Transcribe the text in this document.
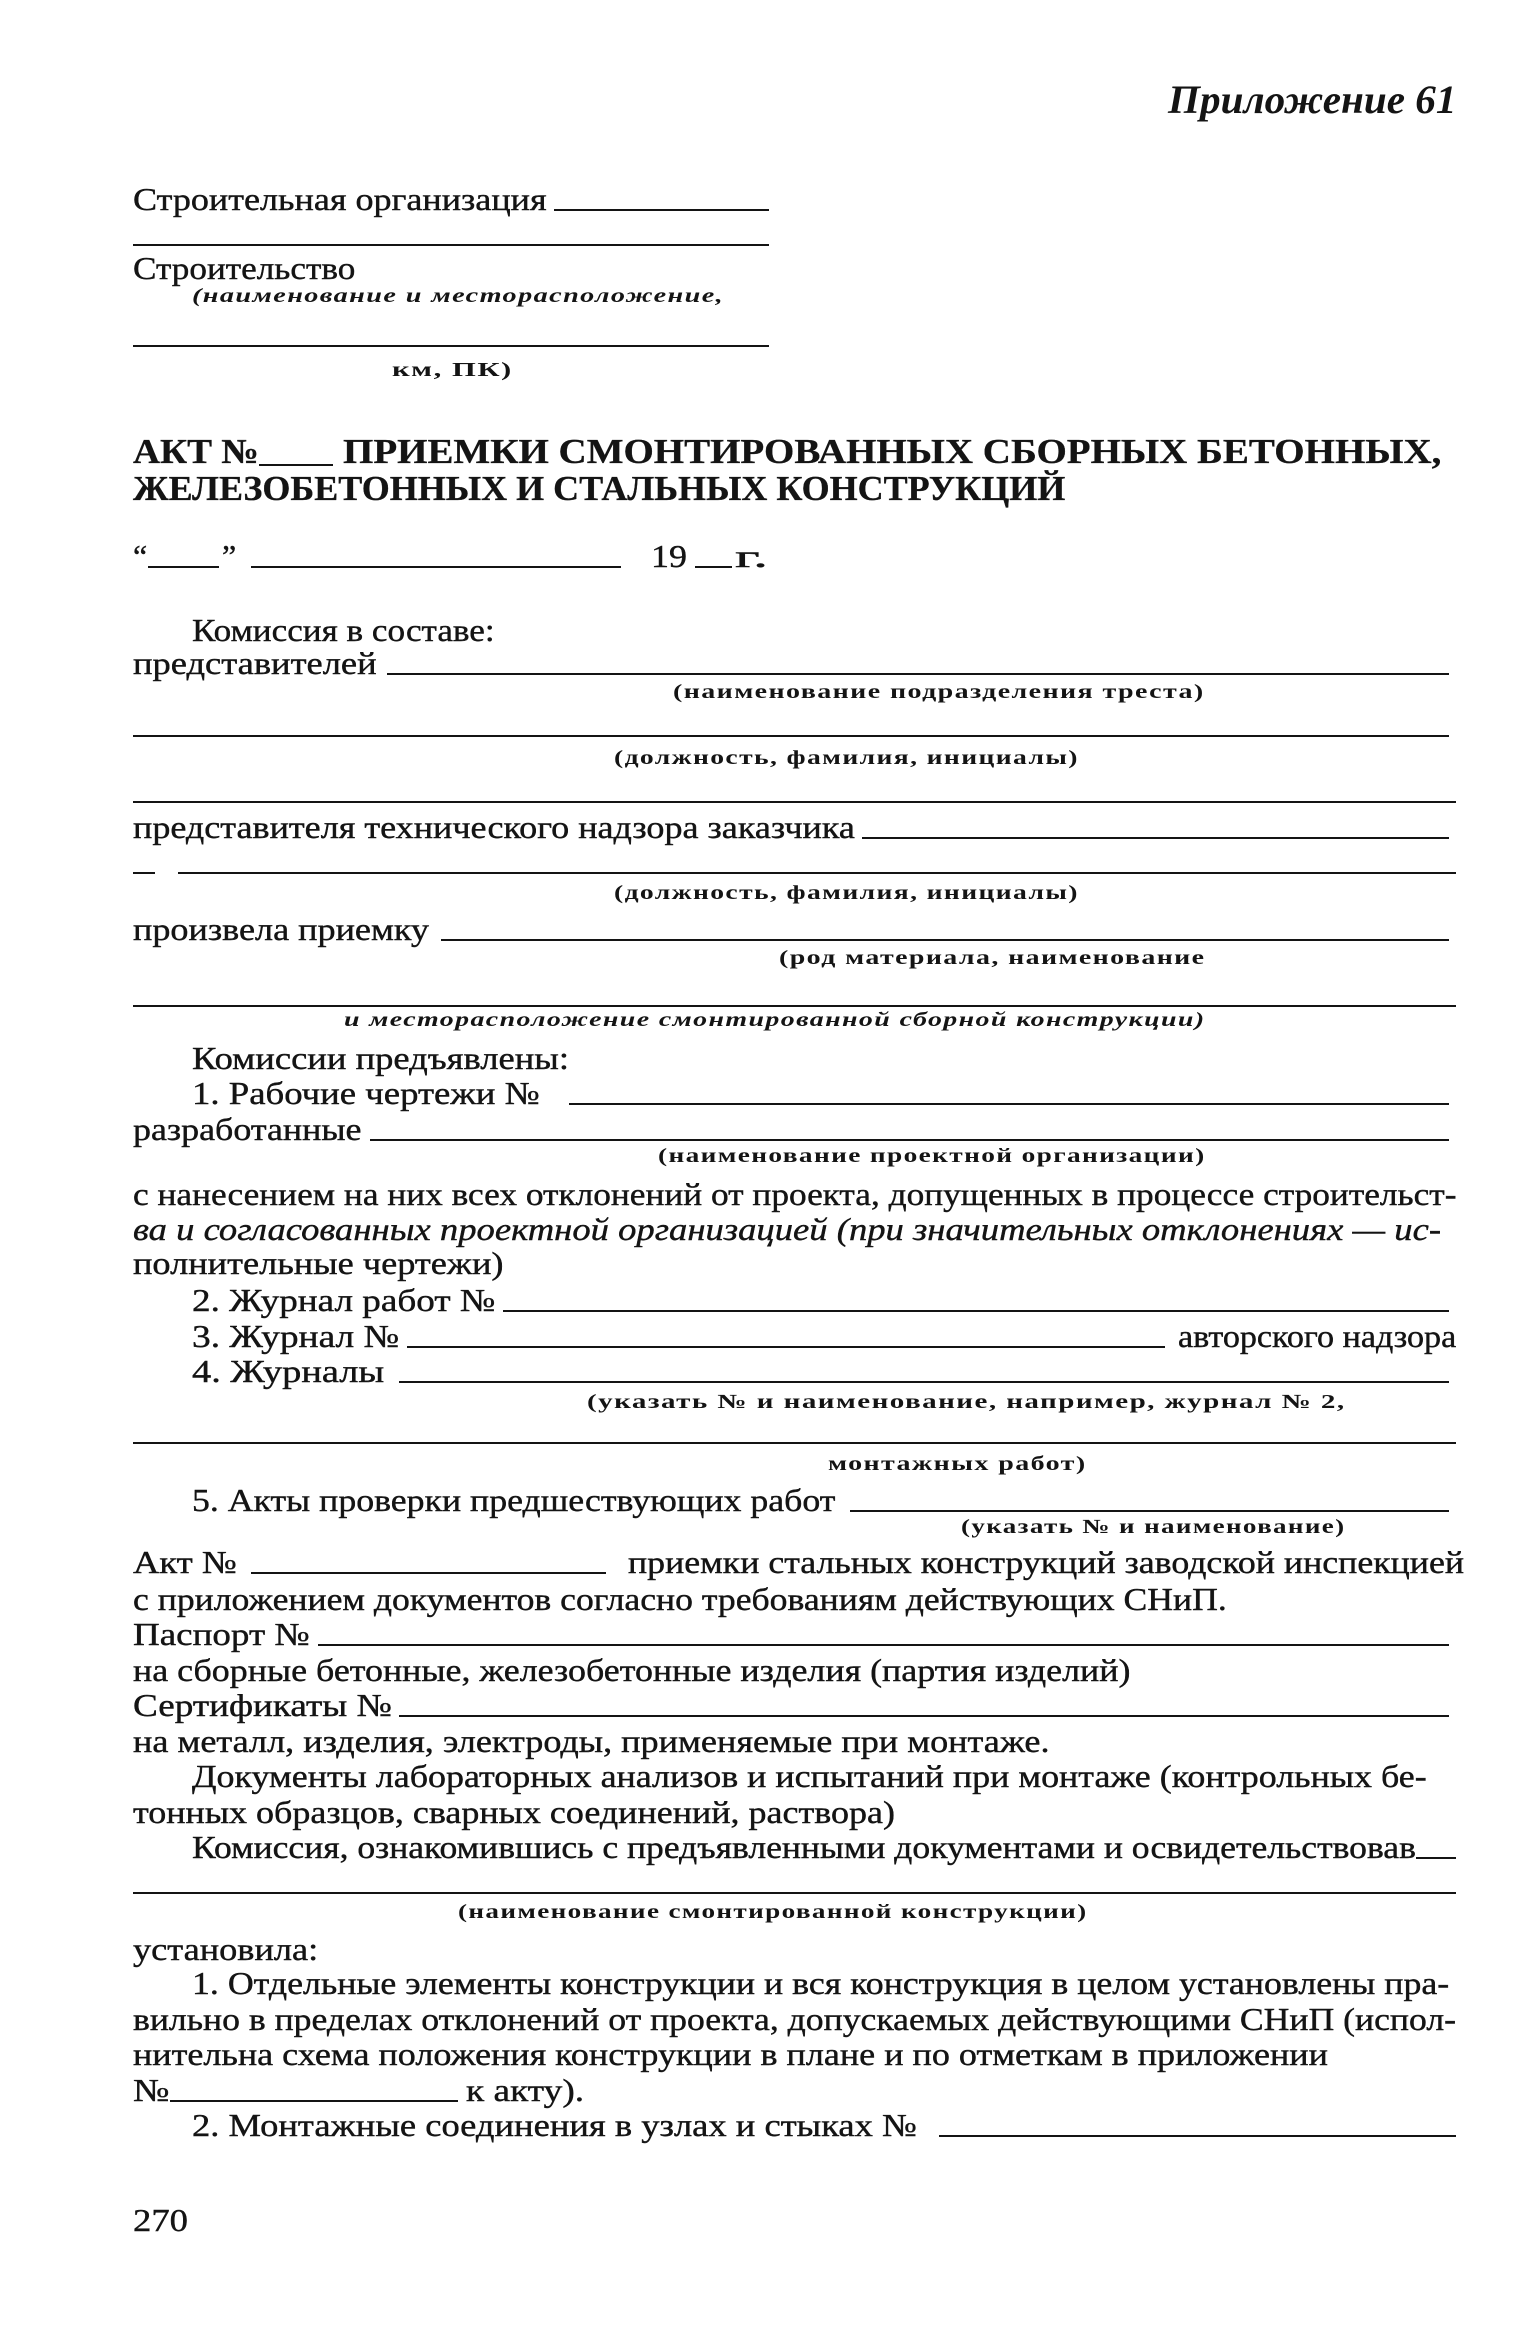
Приложение 61
Строительная организация
Строительство
(наименование и месторасположение,
км, ПК)
АКТ № ПРИЕМКИ СМОНТИРОВАННЫХ СБОРНЫХ БЕТОННЫХ,
ЖЕЛЕЗОБЕТОННЫХ И СТАЛЬНЫХ КОНСТРУКЦИЙ
“ ”	19 г.
Комиссия в составе:
представителей
(наименование подразделения треста)
(должность, фамилия, инициалы)
представителя технического надзора заказчика
(должность, фамилия, инициалы)
произвела приемку
(род материала, наименование
и месторасположение смонтированной сборной конструкции)
Комиссии предъявлены:
1. Рабочие чертежи №
разработанные
(наименование проектной организации)
с нанесением на них всех отклонений от проекта, допущенных в процессе строительст-
ва и согласованных проектной организацией (при значительных отклонениях — ис-
полнительные чертежи)
2. Журнал работ №
3. Журнал №	авторского надзора
4. Журналы
(указать № и наименование, например, журнал № 2,
монтажных работ)
5. Акты проверки предшествующих работ
(указать № и наименование)
Акт №	приемки стальных конструкций заводской инспекцией
с приложением документов согласно требованиям действующих СНиП.
Паспорт №
на сборные бетонные, железобетонные изделия (партия изделий)
Сертификаты №
на металл, изделия, электроды, применяемые при монтаже.
Документы лабораторных анализов и испытаний при монтаже (контрольных бе-
тонных образцов, сварных соединений, раствора)
Комиссия, ознакомившись с предъявленными документами и освидетельствовав
(наименование смонтированной конструкции)
установила:
1. Отдельные элементы конструкции и вся конструкция в целом установлены пра-
вильно в пределах отклонений от проекта, допускаемых действующими СНиП (испол-
нительна схема положения конструкции в плане и по отметкам в приложении
№	к акту).
2. Монтажные соединения в узлах и стыках №
270
